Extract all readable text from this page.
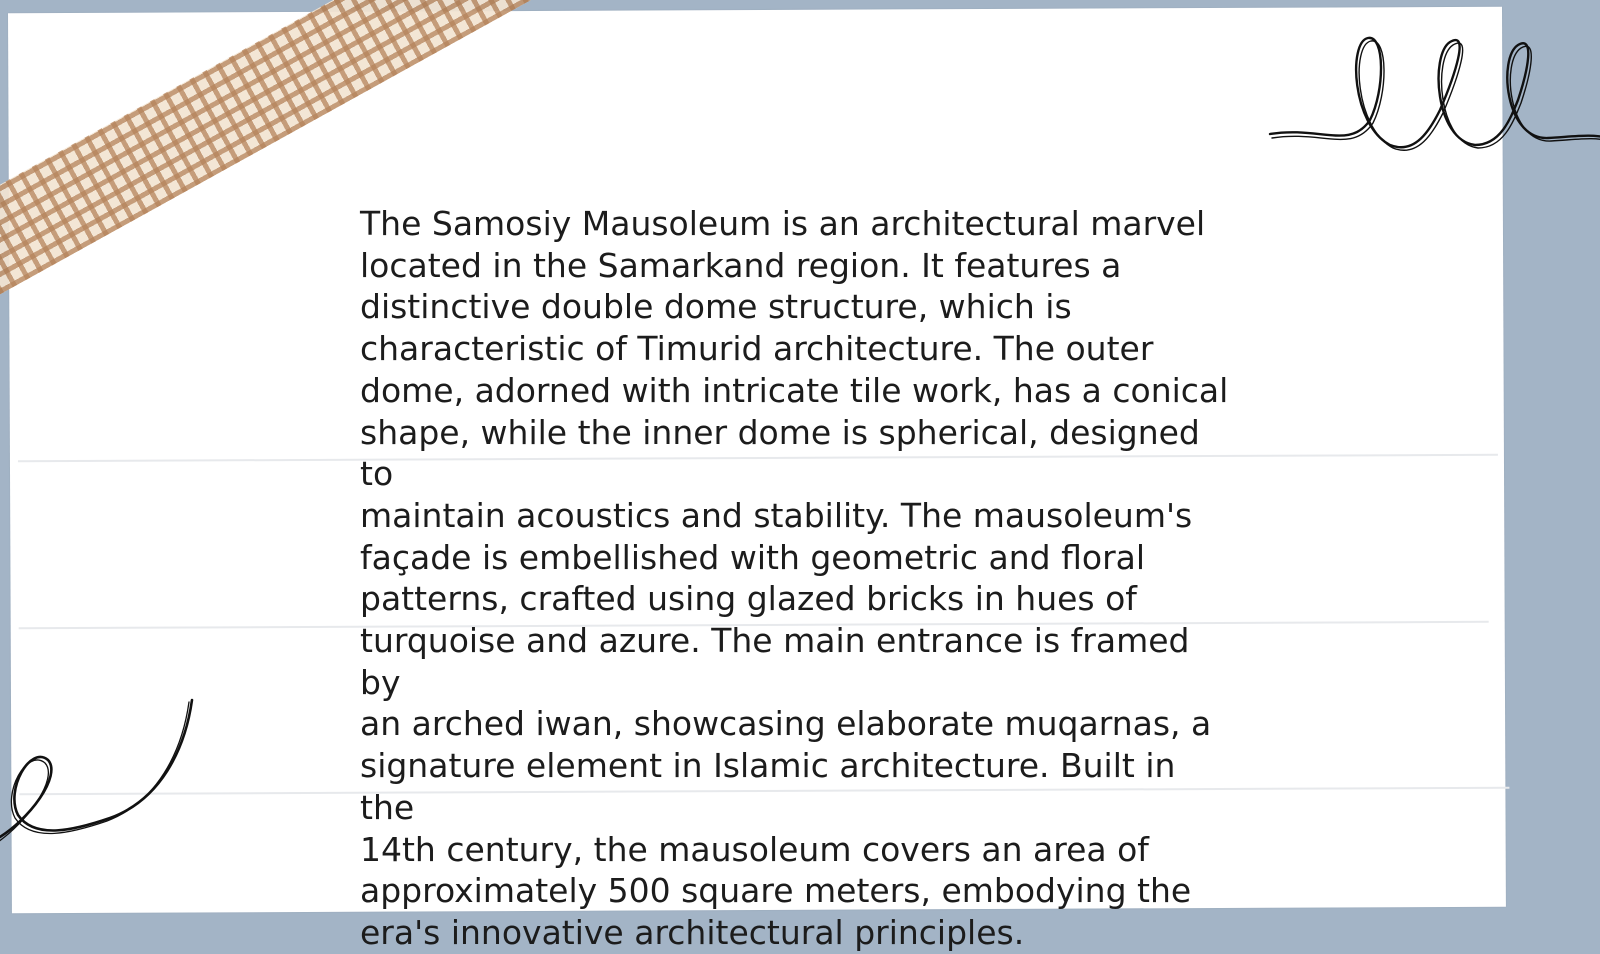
The Samosiy Mausoleum is an architectural marvel
located in the Samarkand region. It features a
distinctive double dome structure, which is
characteristic of Timurid architecture. The outer
dome, adorned with intricate tile work, has a conical
shape, while the inner dome is spherical, designed to
maintain acoustics and stability. The mausoleum's
façade is embellished with geometric and floral
patterns, crafted using glazed bricks in hues of
turquoise and azure. The main entrance is framed by
an arched iwan, showcasing elaborate muqarnas, a
signature element in Islamic architecture. Built in the
14th century, the mausoleum covers an area of
approximately 500 square meters, embodying the
era's innovative architectural principles.
